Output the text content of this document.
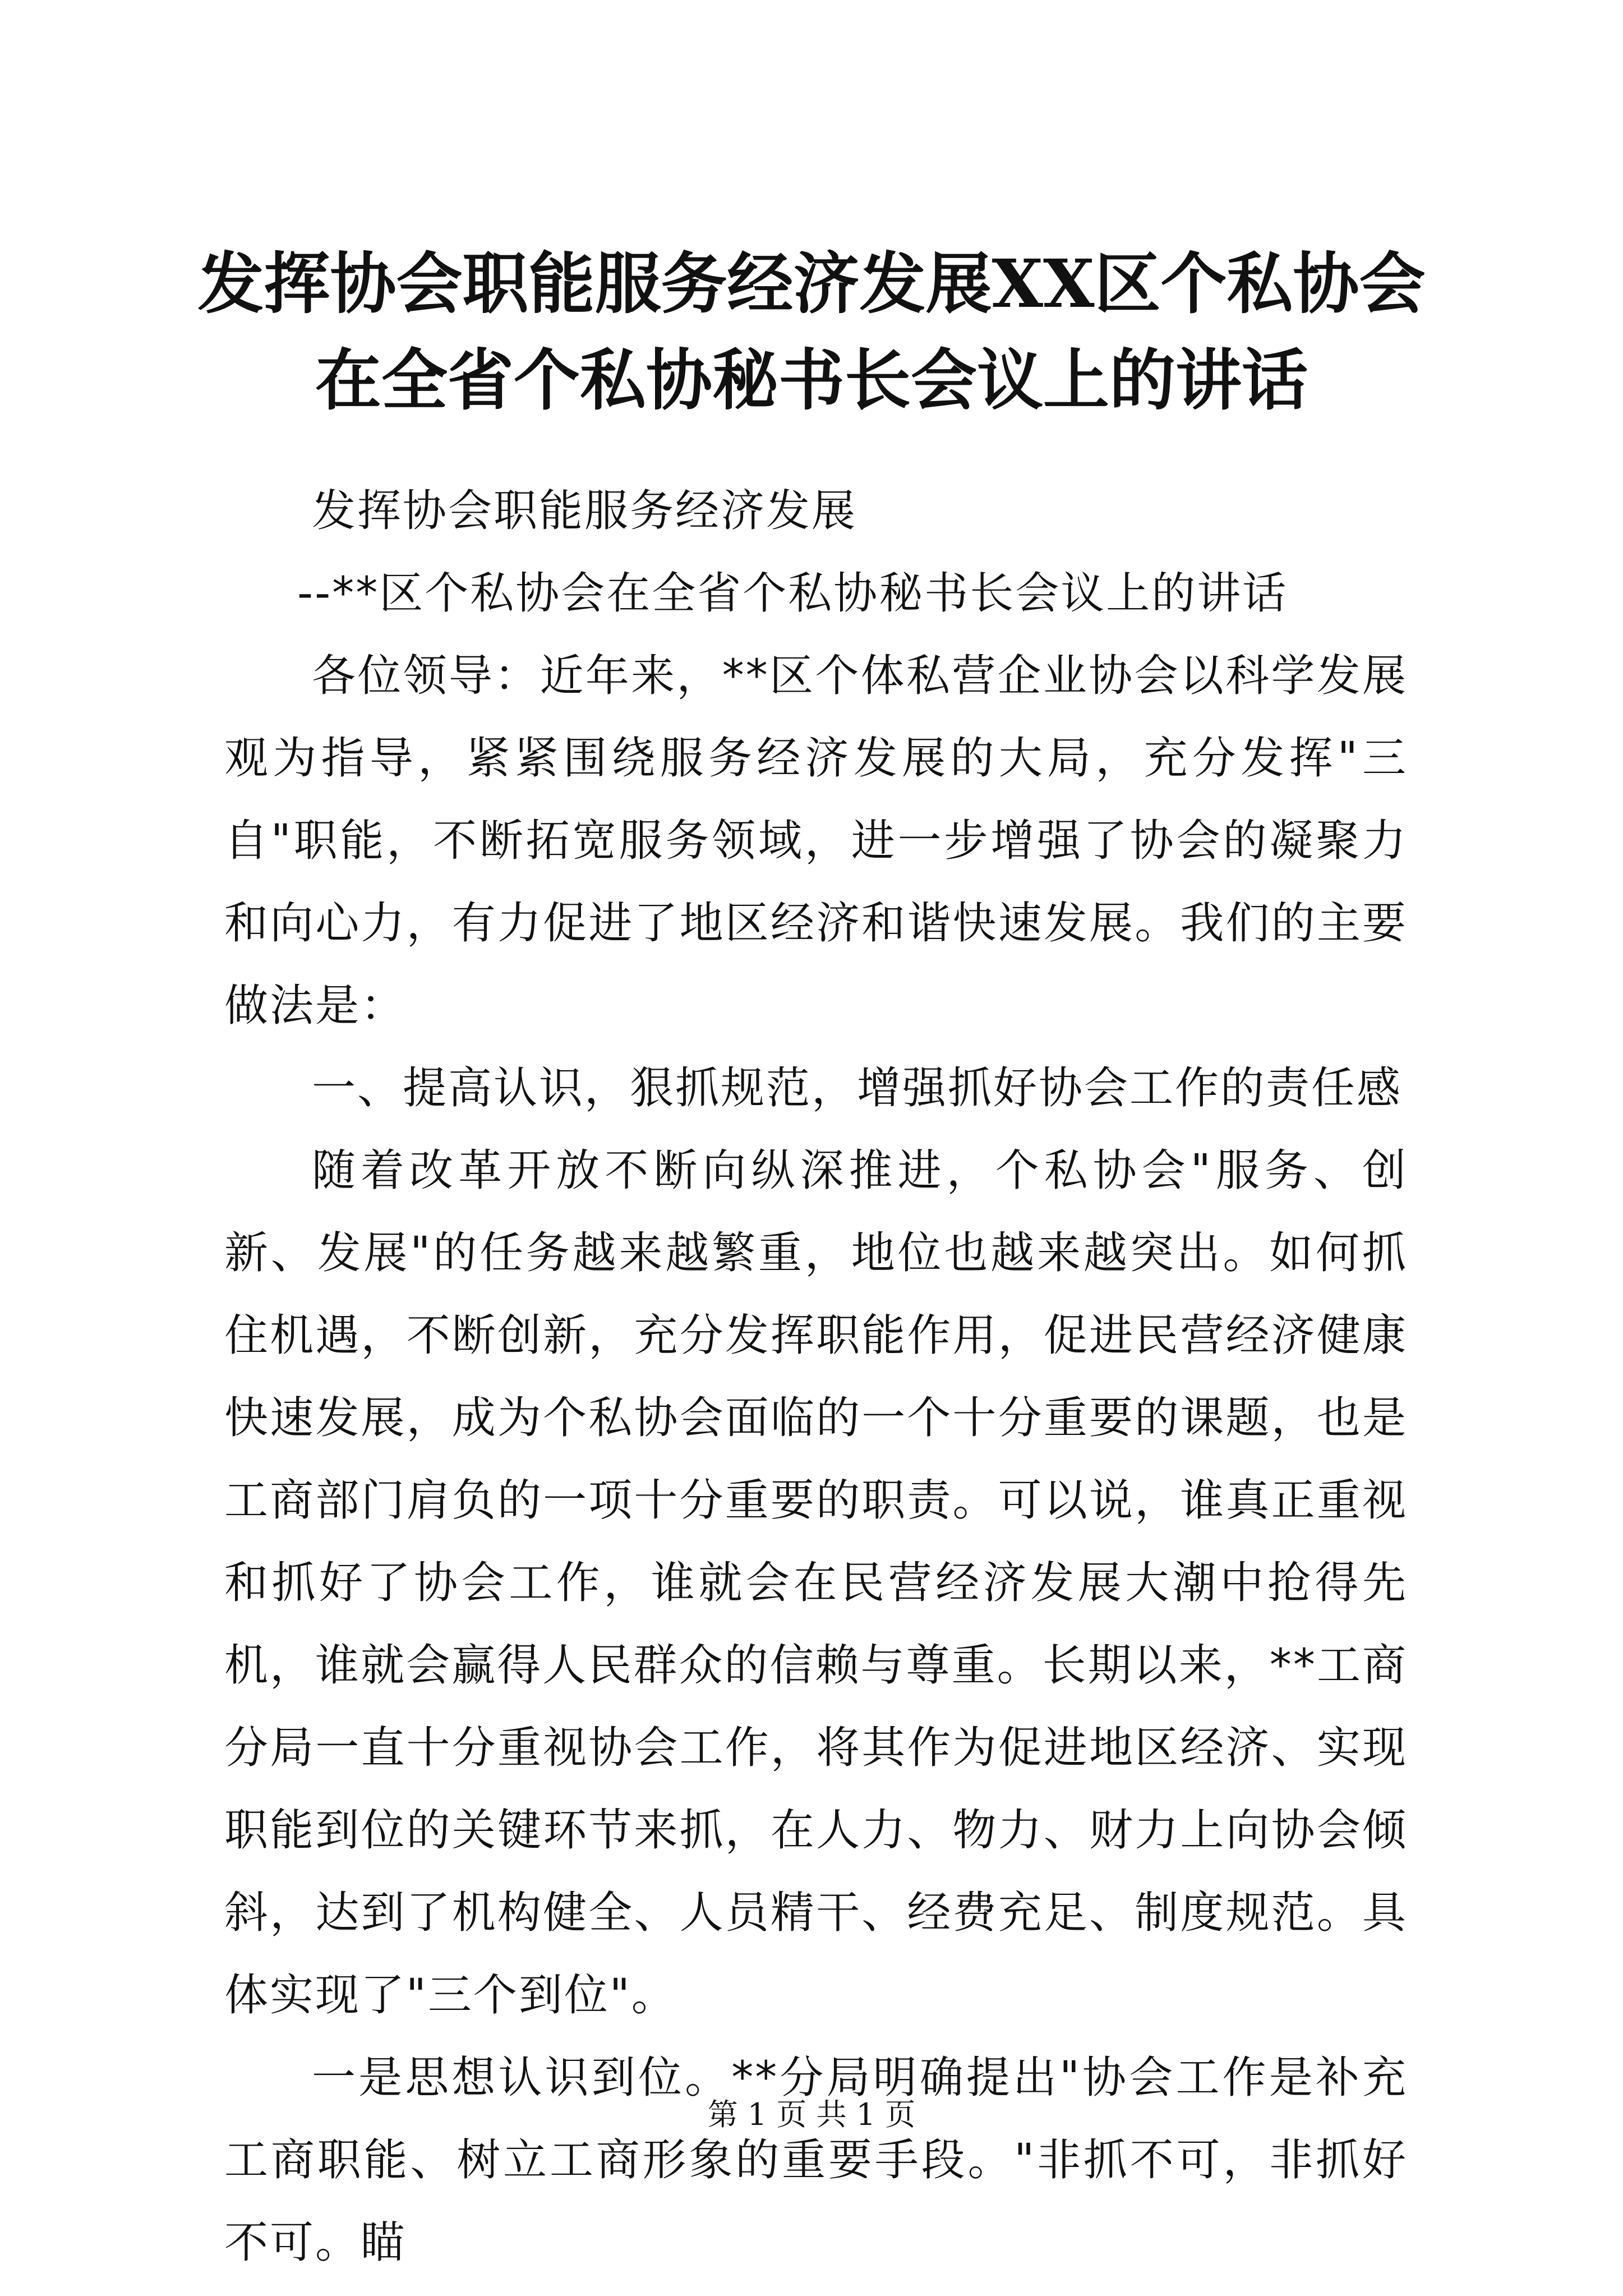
发挥协会职能服务经济发展XX区个私协会在全省个私协秘书长会议上的讲话

发挥协会职能服务经济发展

--**区个私协会在全省个私协秘书长会议上的讲话

各位领导：近年来，**区个体私营企业协会以科学发展观为指导，紧紧围绕服务经济发展的大局，充分发挥"三自"职能，不断拓宽服务领域，进一步增强了协会的凝聚力和向心力，有力促进了地区经济和谐快速发展。我们的主要做法是：

一、提高认识，狠抓规范，增强抓好协会工作的责任感

随着改革开放不断向纵深推进，个私协会"服务、创新、发展"的任务越来越繁重，地位也越来越突出。如何抓住机遇，不断创新，充分发挥职能作用，促进民营经济健康快速发展，成为个私协会面临的一个十分重要的课题，也是工商部门肩负的一项十分重要的职责。可以说，谁真正重视和抓好了协会工作，谁就会在民营经济发展大潮中抢得先机，谁就会赢得人民群众的信赖与尊重。长期以来，**工商分局一直十分重视协会工作，将其作为促进地区经济、实现职能到位的关键环节来抓，在人力、物力、财力上向协会倾斜，达到了机构健全、人员精干、经费充足、制度规范。具体实现了"三个到位"。

一是思想认识到位。**分局明确提出"协会工作是补充工商职能、树立工商形象的重要手段。"非抓不可，非抓好不可。瞄

第 1 页 共 1 页
